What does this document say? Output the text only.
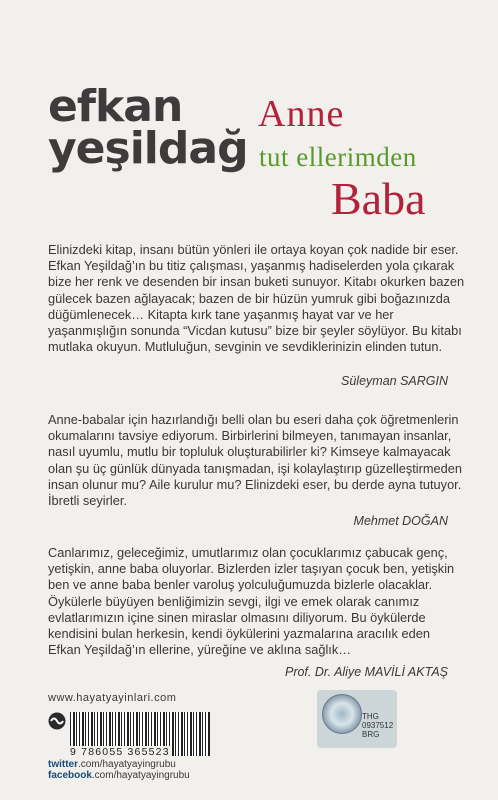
efkan
yeşildağ
Anne
tut ellerimden
Baba

Elinizdeki kitap, insanı bütün yönleri ile ortaya koyan çok nadide bir eser. Efkan Yeşildağ’ın bu titiz çalışması, yaşanmış hadiselerden yola çıkarak bize her renk ve desenden bir insan buketi sunuyor. Kitabı okurken bazen gülecek bazen ağlayacak; bazen de bir hüzün yumruk gibi boğazınızda düğümlenecek… Kitapta kırk tane yaşanmış hayat var ve her yaşanmışlığın sonunda “Vicdan kutusu” bize bir şeyler söylüyor. Bu kitabı mutlaka okuyun. Mutluluğun, sevginin ve sevdiklerinizin elinden tutun.

Süleyman SARGIN

Anne-babalar için hazırlandığı belli olan bu eseri daha çok öğretmenlerin okumalarını tavsiye ediyorum. Birbirlerini bilmeyen, tanımayan insanlar, nasıl uyumlu, mutlu bir topluluk oluşturabilirler ki? Kimseye kalmayacak olan şu üç günlük dünyada tanışmadan, işi kolaylaştırıp güzelleştirmeden insan olunur mu? Aile kurulur mu? Elinizdeki eser, bu derde ayna tutuyor. İbretli seyirler.

Mehmet DOĞAN

Canlarımız, geleceğimiz, umutlarımız olan çocuklarımız çabucak genç, yetişkin, anne baba oluyorlar. Bizlerden izler taşıyan çocuk ben, yetişkin ben ve anne baba benler varoluş yolculuğumuzda bizlerle olacaklar. Öykülerle büyüyen benliğimizin sevgi, ilgi ve emek olarak canımız evlatlarımızın içine sinen miraslar olmasını diliyorum. Bu öykülerde kendisini bulan herkesin, kendi öykülerini yazmalarına aracılık eden Efkan Yeşildağ’ın ellerine, yüreğine ve aklına sağlık…

Prof. Dr. Aliye MAVİLİ AKTAŞ
www.hayatyayinlari.com
9 786055 365523
twitter.com/hayatyayingrubu
facebook.com/hayatyayingrubu
THG
0937512
BRG
